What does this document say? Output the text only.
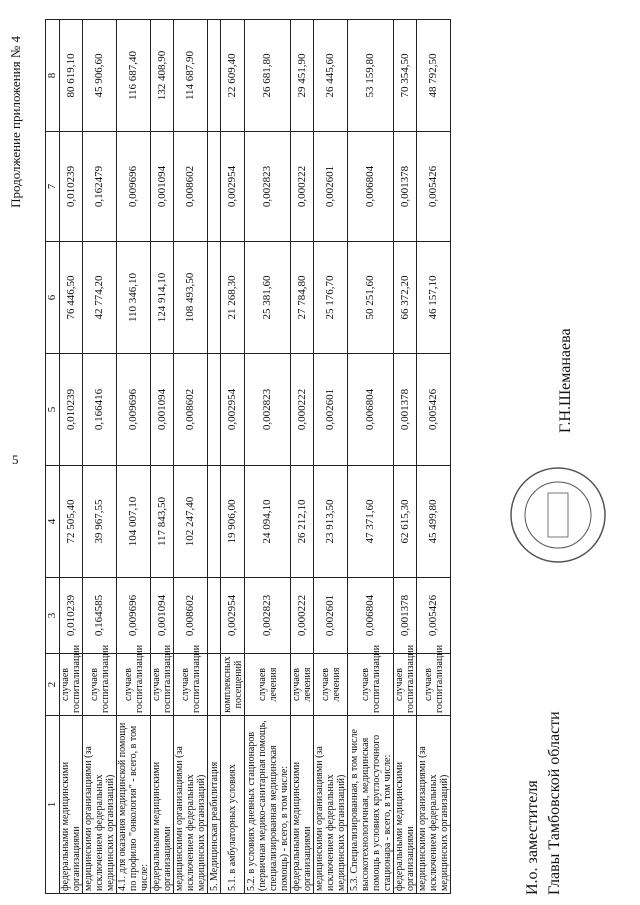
5
Продолжение приложения № 4
1	2	3	4	5	6	7	8
федеральными медицинскими организациями	случаев госпитализации	0,010239	72 505,40	0,010239	76 446,50	0,010239	80 619,10
медицинскими организациями (за исключением федеральных медицинских организаций)	случаев госпитализации	0,164585	39 967,55	0,166416	42 774,20	0,162479	45 906,60
4.1. для оказания медицинской помощи по профилю "онкология" - всего, в том числе:	случаев госпитализации	0,009696	104 007,10	0,009696	110 346,10	0,009696	116 687,40
федеральными медицинскими организациями	случаев госпитализации	0,001094	117 843,50	0,001094	124 914,10	0,001094	132 408,90
медицинскими организациями (за исключением федеральных медицинских организаций)	случаев госпитализации	0,008602	102 247,40	0,008602	108 493,50	0,008602	114 687,90
5. Медицинская реабилитация							
5.1. в амбулаторных условиях	комплексных посещений	0,002954	19 906,00	0,002954	21 268,30	0,002954	22 609,40
5.2. в условиях дневных стационаров (первичная медико-санитарная помощь, специализированная медицинская помощь) - всего, в том числе:	случаев лечения	0,002823	24 094,10	0,002823	25 381,60	0,002823	26 681,80
федеральными медицинскими организациями	случаев лечения	0,000222	26 212,10	0,000222	27 784,80	0,000222	29 451,90
медицинскими организациями (за исключением федеральных медицинских организаций)	случаев лечения	0,002601	23 913,50	0,002601	25 176,70	0,002601	26 445,60
5.3. Специализированная, в том числе высокотехнологичная, медицинская помощь в условиях круглосуточного стационара - всего, в том числе:	случаев госпитализации	0,006804	47 371,60	0,006804	50 251,60	0,006804	53 159,80
федеральными медицинскими организациями	случаев госпитализации	0,001378	62 615,30	0,001378	66 372,20	0,001378	70 354,50
медицинскими организациями (за исключением федеральных медицинских организаций)	случаев госпитализации	0,005426	45 499,80	0,005426	46 157,10	0,005426	48 792,50
И.о. заместителя Главы Тамбовской области
Г.Н.Шеманаева
